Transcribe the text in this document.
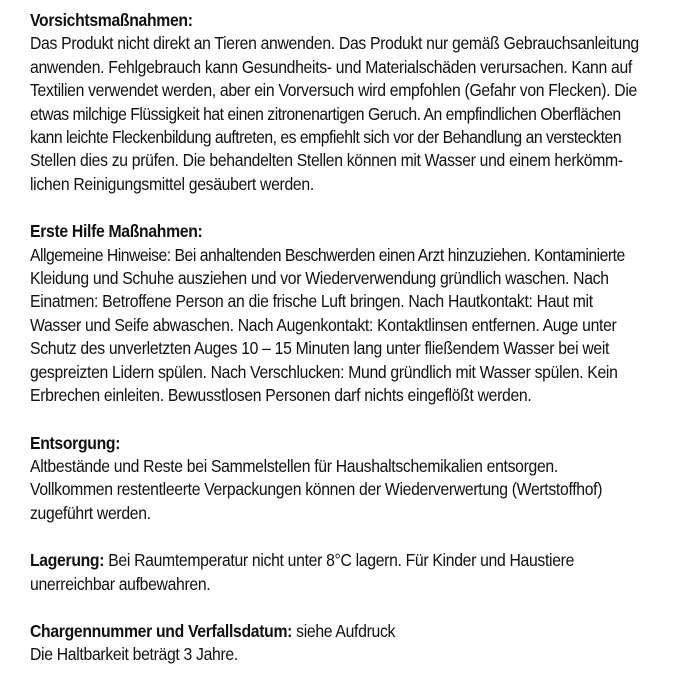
Vorsichtsmaßnahmen:
Das Produkt nicht direkt an Tieren anwenden. Das Produkt nur gemäß Gebrauchsanleitung
anwenden. Fehlgebrauch kann Gesundheits- und Materialschäden verursachen. Kann auf
Textilien verwendet werden, aber ein Vorversuch wird empfohlen (Gefahr von Flecken). Die
etwas milchige Flüssigkeit hat einen zitronenartigen Geruch. An empfindlichen Oberflächen
kann leichte Fleckenbildung auftreten, es empfiehlt sich vor der Behandlung an versteckten
Stellen dies zu prüfen. Die behandelten Stellen können mit Wasser und einem herkömm-
lichen Reinigungsmittel gesäubert werden.
Erste Hilfe Maßnahmen:
Allgemeine Hinweise: Bei anhaltenden Beschwerden einen Arzt hinzuziehen. Kontaminierte
Kleidung und Schuhe ausziehen und vor Wiederverwendung gründlich waschen. Nach
Einatmen: Betroffene Person an die frische Luft bringen. Nach Hautkontakt: Haut mit
Wasser und Seife abwaschen. Nach Augenkontakt: Kontaktlinsen entfernen. Auge unter
Schutz des unverletzten Auges 10 – 15 Minuten lang unter fließendem Wasser bei weit
gespreizten Lidern spülen. Nach Verschlucken: Mund gründlich mit Wasser spülen. Kein
Erbrechen einleiten. Bewusstlosen Personen darf nichts eingeflößt werden.
Entsorgung:
Altbestände und Reste bei Sammelstellen für Haushaltschemikalien entsorgen.
Vollkommen restentleerte Verpackungen können der Wiederverwertung (Wertstoffhof)
zugeführt werden.
Lagerung: Bei Raumtemperatur nicht unter 8°C lagern. Für Kinder und Haustiere
unerreichbar aufbewahren.
Chargennummer und Verfallsdatum: siehe Aufdruck
Die Haltbarkeit beträgt 3 Jahre.
